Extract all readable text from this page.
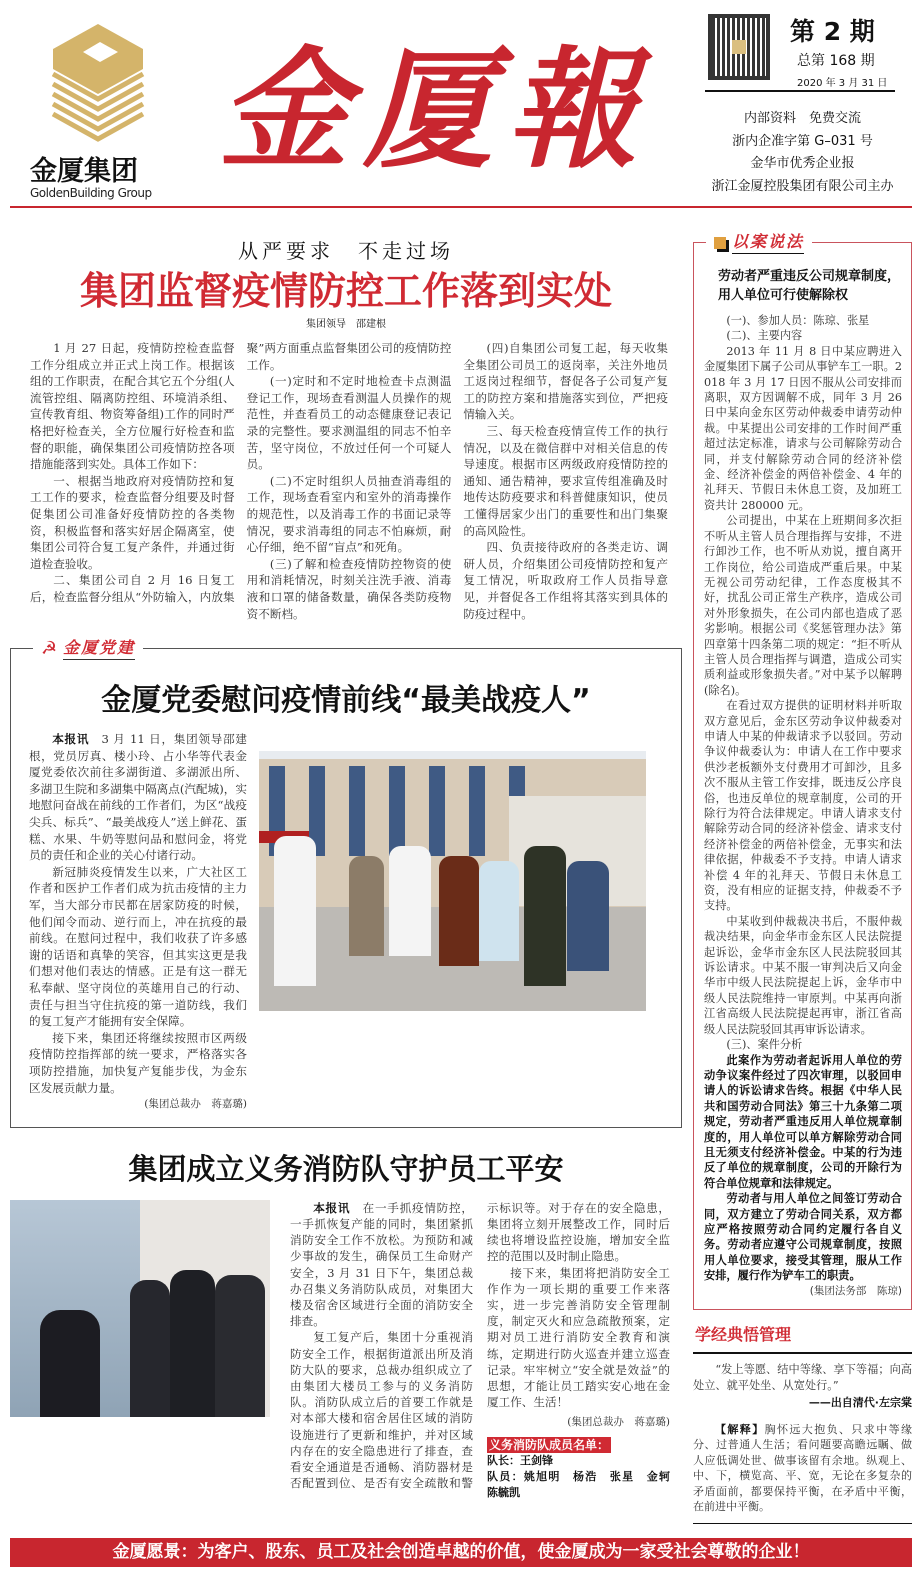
金厦集团
GoldenBuilding Group
金厦報
第 2 期
总第 168 期
2020 年 3 月 31 日
内部资料　免费交流
浙内企准字第 G–031 号
金华市优秀企业报
浙江金厦控股集团有限公司主办
从严要求　不走过场
集团监督疫情防控工作落到实处
集团领导　邵建根

1 月 27 日起，疫情防控检查监督工作分组成立并正式上岗工作。根据该组的工作职责，在配合其它五个分组(人流管控组、隔离防控组、环境消杀组、宣传教育组、物资筹备组)工作的同时严格把好检查关，全方位履行好检查和监督的职能，确保集团公司疫情防控各项措施能落到实处。具体工作如下：

一、根据当地政府对疫情防控和复工工作的要求，检查监督分组要及时督促集团公司准备好疫情防控的各类物资，积极监督和落实好居企隔离室，使集团公司符合复工复产条件，并通过街道检查验收。

二、集团公司自 2 月 16 日复工后，检查监督分组从“外防输入，内放集聚”两方面重点监督集团公司的疫情防控工作。

(一)定时和不定时地检查卡点测温登记工作，现场查看测温人员操作的规范性，并查看员工的动态健康登记表记录的完整性。要求测温组的同志不怕辛苦，坚守岗位，不放过任何一个可疑人员。

(二)不定时组织人员抽查消毒组的工作，现场查看室内和室外的消毒操作的规范性，以及消毒工作的书面记录等情况，要求消毒组的同志不怕麻烦，耐心仔细，绝不留“盲点”和死角。

(三)了解和检查疫情防控物资的使用和消耗情况，时刻关注洗手液、消毒液和口罩的储备数量，确保各类防疫物资不断档。

(四)自集团公司复工起，每天收集全集团公司员工的返岗率，关注外地员工返岗过程细节，督促各子公司复产复工的防控方案和措施落实到位，严把疫情输入关。

三、每天检查疫情宣传工作的执行情况，以及在微信群中对相关信息的传导速度。根据市区两级政府疫情防控的通知、通告精神，要求宣传组准确及时地传达防疫要求和科普健康知识，使员工懂得居家少出门的重要性和出门集聚的高风险性。

四、负责接待政府的各类走访、调研人员，介绍集团公司疫情防控和复产复工情况，听取政府工作人员指导意见，并督促各工作组将其落实到具体的防疫过程中。

☭ 金厦党建
金厦党委慰问疫情前线“最美战疫人”

本报讯　 3 月 11 日，集团领导邵建根，党员厉真、楼小玲、占小华等代表金厦党委依次前往多湖街道、多湖派出所、多湖卫生院和多湖集中隔离点(汽配城)，实地慰问奋战在前线的工作者们，为区“战疫尖兵、标兵”、“最美战疫人”送上鲜花、蛋糕、水果、牛奶等慰问品和慰问金，将党员的责任和企业的关心付诸行动。

新冠肺炎疫情发生以来，广大社区工作者和医护工作者们成为抗击疫情的主力军，当大部分市民都在居家防疫的时候，他们闻令而动、逆行而上，冲在抗疫的最前线。在慰问过程中，我们收获了许多感谢的话语和真挚的笑容，但其实这更是我们想对他们表达的情感。正是有这一群无私奉献、坚守岗位的英雄用自己的行动、责任与担当守住抗疫的第一道防线，我们的复工复产才能拥有安全保障。

接下来，集团还将继续按照市区两级疫情防控指挥部的统一要求，严格落实各项防控措施，加快复产复能步伐，为金东区发展贡献力量。

(集团总裁办　蒋嘉璐)
集团成立义务消防队守护员工平安

本报讯　 在一手抓疫情防控，一手抓恢复产能的同时，集团紧抓消防安全工作不放松。为预防和减少事故的发生，确保员工生命财产安全，3 月 31 日下午，集团总裁办召集义务消防队成员，对集团大楼及宿舍区域进行全面的消防安全排查。

复工复产后，集团十分重视消防安全工作，根据街道派出所及消防大队的要求，总裁办组织成立了由集团大楼员工参与的义务消防队。消防队成立后的首要工作就是对本部大楼和宿舍居住区域的消防设施进行了更新和维护，并对区域内存在的安全隐患进行了排查，查看安全通道是否通畅、消防器材是否配置到位、是否有安全疏散和警示标识等。对于存在的安全隐患，集团将立刻开展整改工作，同时后续也将增设监控设施，增加安全监控的范围以及时制止隐患。

接下来，集团将把消防安全工作作为一项长期的重要工作来落实，进一步完善消防安全管理制度，制定灭火和应急疏散预案，定期对员工进行消防安全教育和演练，定期进行防火巡查并建立巡查记录。牢牢树立“安全就是效益”的思想，才能让员工踏实安心地在金厦工作、生活！

(集团总裁办　蒋嘉璐)
义务消防队成员名单：
队长：王剑锋
队员：姚旭明　杨浩　张星　金轲　陈毓凯
以案说法
劳动者严重违反公司规章制度，用人单位可行使解除权

(一)、参加人员：陈琼、张星

(二)、主要内容

2013 年 11 月 8 日中某应聘进入金厦集团下属子公司从事铲车工一职。2018 年 3 月 17 日因不服从公司安排而离职，双方因调解不成，同年 3 月 26 日中某向金东区劳动仲裁委申请劳动仲裁。中某提出公司安排的工作时间严重超过法定标准，请求与公司解除劳动合同，并支付解除劳动合同的经济补偿金、经济补偿金的两倍补偿金、4 年的礼拜天、节假日未休息工资，及加班工资共计 280000 元。

公司提出，中某在上班期间多次拒不听从主管人员合理指挥与安排，不进行卸沙工作，也不听从劝说，擅自离开工作岗位，给公司造成严重后果。中某无视公司劳动纪律，工作态度极其不好，扰乱公司正常生产秩序，造成公司对外形象损失，在公司内部也造成了恶劣影响。根据公司《奖惩管理办法》第四章第十四条第二项的规定：“拒不听从主管人员合理指挥与调遣，造成公司实质利益或形象损失者。”对中某予以解聘(除名)。

在看过双方提供的证明材料并听取双方意见后，金东区劳动争议仲裁委对申请人中某的仲裁请求予以驳回。劳动争议仲裁委认为：申请人在工作中要求供沙老板额外支付费用才可卸沙，且多次不服从主管工作安排，既违反公序良俗，也违反单位的规章制度，公司的开除行为符合法律规定。申请人请求支付解除劳动合同的经济补偿金、请求支付经济补偿金的两倍补偿金，无事实和法律依据，仲裁委不予支持。申请人请求补偿 4 年的礼拜天、节假日未休息工资，没有相应的证据支持，仲裁委不予支持。

中某收到仲裁裁决书后，不服仲裁裁决结果，向金华市金东区人民法院提起诉讼，金华市金东区人民法院驳回其诉讼请求。中某不服一审判决后又向金华市中级人民法院提起上诉，金华市中级人民法院维持一审原判。中某再向浙江省高级人民法院提起再审，浙江省高级人民法院驳回其再审诉讼请求。

(三)、案件分析

此案作为劳动者起诉用人单位的劳动争议案件经过了四次审理，以驳回申请人的诉讼请求告终。根据《中华人民共和国劳动合同法》第三十九条第二项规定，劳动者严重违反用人单位规章制度的，用人单位可以单方解除劳动合同且无须支付经济补偿金。中某的行为违反了单位的规章制度，公司的开除行为符合单位规章和法律规定。

劳动者与用人单位之间签订劳动合同，双方建立了劳动合同关系，双方都应严格按照劳动合同约定履行各自义务。劳动者应遵守公司规章制度，按照用人单位要求，接受其管理，服从工作安排，履行作为铲车工的职责。

(集团法务部　陈琼)
学经典悟管理
“发上等愿、结中等缘、享下等福；向高处立、就平处坐、从宽处行。”
——出自清代·左宗棠
【解释】胸怀远大抱负、只求中等缘分、过普通人生活；看问题要高瞻远瞩、做人应低调处世、做事该留有余地。纵观上、中、下，横览高、平、宽，无论在多复杂的矛盾面前，都要保持平衡，在矛盾中平衡，在前进中平衡。
金厦愿景：为客户、股东、员工及社会创造卓越的价值，使金厦成为一家受社会尊敬的企业！
